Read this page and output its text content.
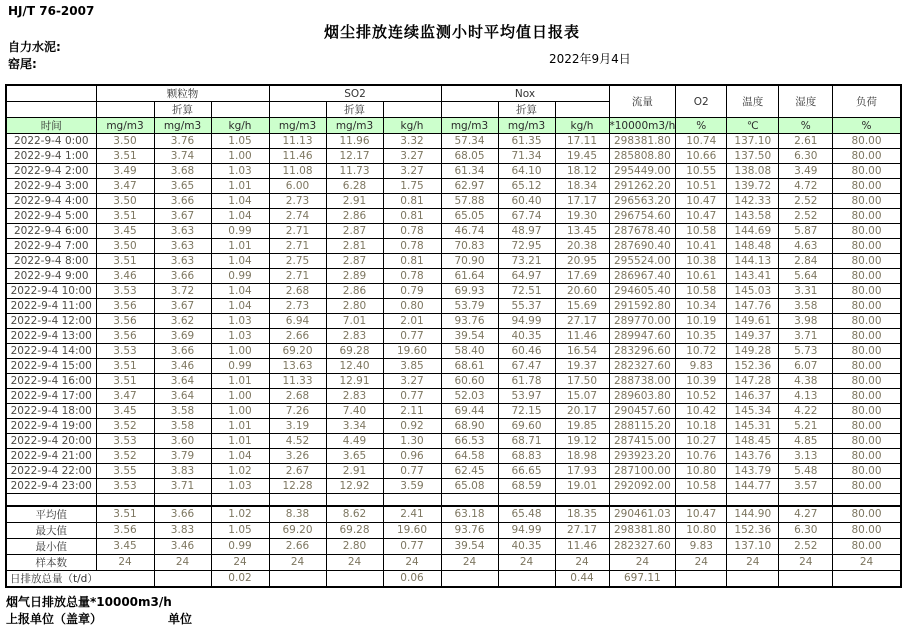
HJ/T 76-2007
烟尘排放连续监测小时平均值日报表
自力水泥:
窑尾:	2022年9月4日
	颗粒物			SO2			Nox			流量	O2	温度	湿度	负荷
		折算			折算			折算						
时间	mg/m3	mg/m3	kg/h	mg/m3	mg/m3	kg/h	mg/m3	mg/m3	kg/h	*10000m3/h	%	℃	%	%
2022-9-4 0:00	3.50	3.76	1.05	11.13	11.96	3.32	57.34	61.35	17.11	298381.80	10.74	137.10	2.61	80.00
2022-9-4 1:00	3.51	3.74	1.00	11.46	12.17	3.27	68.05	71.34	19.45	285808.80	10.66	137.50	6.30	80.00
2022-9-4 2:00	3.49	3.68	1.03	11.08	11.73	3.27	61.34	64.10	18.12	295449.00	10.55	138.08	3.49	80.00
2022-9-4 3:00	3.47	3.65	1.01	6.00	6.28	1.75	62.97	65.12	18.34	291262.20	10.51	139.72	4.72	80.00
2022-9-4 4:00	3.50	3.66	1.04	2.73	2.91	0.81	57.88	60.40	17.17	296563.20	10.47	142.33	2.52	80.00
2022-9-4 5:00	3.51	3.67	1.04	2.74	2.86	0.81	65.05	67.74	19.30	296754.60	10.47	143.58	2.52	80.00
2022-9-4 6:00	3.45	3.63	0.99	2.71	2.87	0.78	46.74	48.97	13.45	287678.40	10.58	144.69	5.87	80.00
2022-9-4 7:00	3.50	3.63	1.01	2.71	2.81	0.78	70.83	72.95	20.38	287690.40	10.41	148.48	4.63	80.00
2022-9-4 8:00	3.51	3.63	1.04	2.75	2.87	0.81	70.90	73.21	20.95	295524.00	10.38	144.13	2.84	80.00
2022-9-4 9:00	3.46	3.66	0.99	2.71	2.89	0.78	61.64	64.97	17.69	286967.40	10.61	143.41	5.64	80.00
2022-9-4 10:00	3.53	3.72	1.04	2.68	2.86	0.79	69.93	72.51	20.60	294605.40	10.58	145.03	3.31	80.00
2022-9-4 11:00	3.56	3.67	1.04	2.73	2.80	0.80	53.79	55.37	15.69	291592.80	10.34	147.76	3.58	80.00
2022-9-4 12:00	3.56	3.62	1.03	6.94	7.01	2.01	93.76	94.99	27.17	289770.00	10.19	149.61	3.98	80.00
2022-9-4 13:00	3.56	3.69	1.03	2.66	2.83	0.77	39.54	40.35	11.46	289947.60	10.35	149.37	3.71	80.00
2022-9-4 14:00	3.53	3.66	1.00	69.20	69.28	19.60	58.40	60.46	16.54	283296.60	10.72	149.28	5.73	80.00
2022-9-4 15:00	3.51	3.46	0.99	13.63	12.40	3.85	68.61	67.47	19.37	282327.60	9.83	152.36	6.07	80.00
2022-9-4 16:00	3.51	3.64	1.01	11.33	12.91	3.27	60.60	61.78	17.50	288738.00	10.39	147.28	4.38	80.00
2022-9-4 17:00	3.47	3.64	1.00	2.68	2.83	0.77	52.03	53.97	15.07	289603.80	10.52	146.37	4.13	80.00
2022-9-4 18:00	3.45	3.58	1.00	7.26	7.40	2.11	69.44	72.15	20.17	290457.60	10.42	145.34	4.22	80.00
2022-9-4 19:00	3.52	3.58	1.01	3.19	3.34	0.92	68.90	69.60	19.85	288115.20	10.18	145.31	5.21	80.00
2022-9-4 20:00	3.53	3.60	1.01	4.52	4.49	1.30	66.53	68.71	19.12	287415.00	10.27	148.45	4.85	80.00
2022-9-4 21:00	3.52	3.79	1.04	3.26	3.65	0.96	64.58	68.83	18.98	293923.20	10.76	143.76	3.13	80.00
2022-9-4 22:00	3.55	3.83	1.02	2.67	2.91	0.77	62.45	66.65	17.93	287100.00	10.80	143.79	5.48	80.00
2022-9-4 23:00	3.53	3.71	1.03	12.28	12.92	3.59	65.08	68.59	19.01	292092.00	10.58	144.77	3.57	80.00

平均值	3.51	3.66	1.02	8.38	8.62	2.41	63.18	65.48	18.35	290461.03	10.47	144.90	4.27	80.00
最大值	3.56	3.83	1.05	69.20	69.28	19.60	93.76	94.99	27.17	298381.80	10.80	152.36	6.30	80.00
最小值	3.45	3.46	0.99	2.66	2.80	0.77	39.54	40.35	11.46	282327.60	9.83	137.10	2.52	80.00
样本数	24	24	24	24	24	24	24	24	24	24	24	24	24	24
日排放总量（t/d）			0.02			0.06			0.44	697.11				
烟气日排放总量*10000m3/h
上报单位（盖章）	单位
